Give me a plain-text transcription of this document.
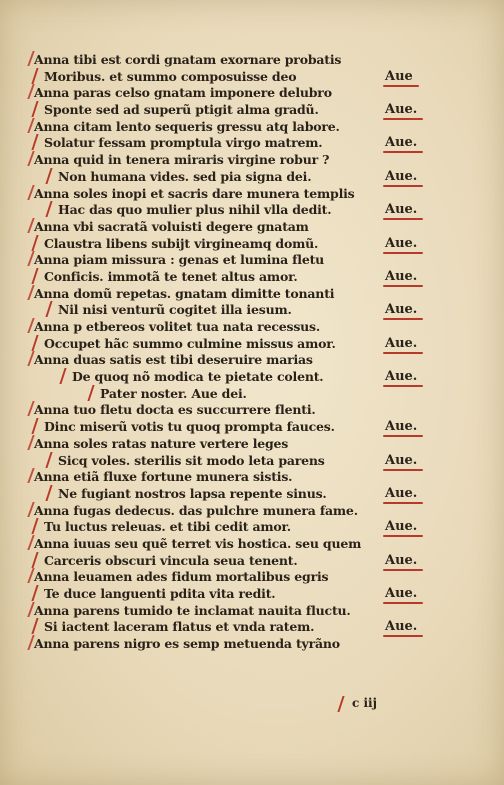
Anna tibi est cordi gnatam exornare probatis
Moribus. et summo composuisse deo	Aue
Anna paras celso gnatam imponere delubro
Sponte sed ad superũ ptigit alma gradũ.	Aue.
Anna citam lento sequeris gressu atq labore.
Solatur fessam promptula virgo matrem.	Aue.
Anna quid in tenera miraris virgine robur ?
Non humana vides. sed pia signa dei.	Aue.
Anna soles inopi et sacris dare munera templis
Hac das quo mulier plus nihil vlla dedit.	Aue.
Anna vbi sacratã voluisti degere gnatam
Claustra libens subijt virgineamq domũ.	Aue.
Anna piam missura : genas et lumina fletu
Conficis. immotã te tenet altus amor.	Aue.
Anna domũ repetas. gnatam dimitte tonanti
Nil nisi venturũ cogitet illa iesum.	Aue.
Anna p etbereos volitet tua nata recessus.
Occupet hãc summo culmine missus amor.	Aue.
Anna duas satis est tibi deseruire marias
De quoq nõ modica te pietate colent.	Aue.
Pater noster. Aue dei.
Anna tuo fletu docta es succurrere flenti.
Dinc miserũ votis tu quoq prompta fauces.	Aue.
Anna soles ratas nature vertere leges
Sicq voles. sterilis sit modo leta parens	Aue.
Anna etiã fluxe fortune munera sistis.
Ne fugiant nostros lapsa repente sinus.	Aue.
Anna fugas dedecus. das pulchre munera fame.
Tu luctus releuas. et tibi cedit amor.	Aue.
Anna iuuas seu quẽ terret vis hostica. seu quem
Carceris obscuri vincula seua tenent.	Aue.
Anna leuamen ades fidum mortalibus egris
Te duce languenti pdita vita redit.	Aue.
Anna parens tumido te inclamat nauita fluctu.
Si iactent laceram flatus et vnda ratem.	Aue.
Anna parens nigro es semp metuenda tyrãno
c iij
